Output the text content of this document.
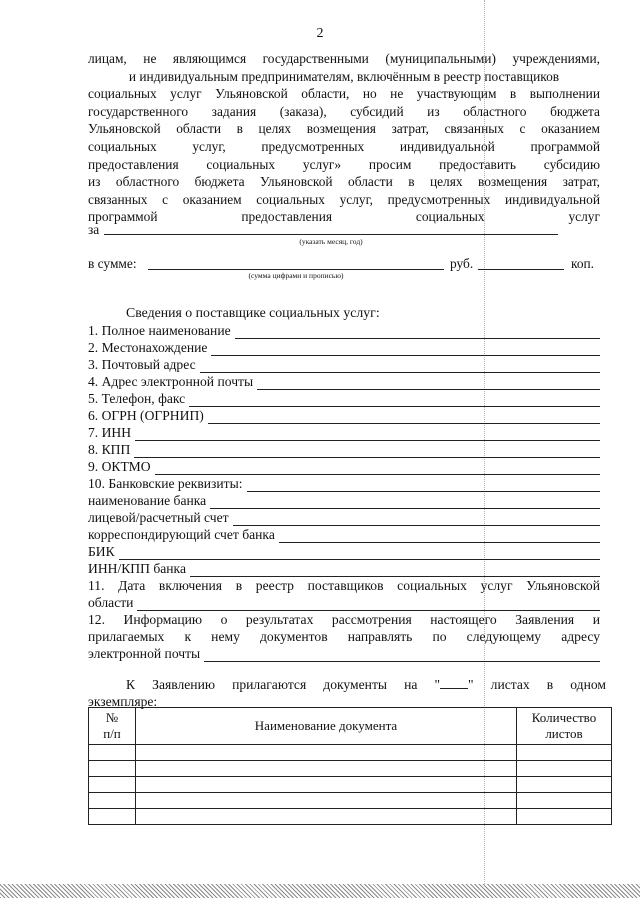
2
лицам, не являющимся государственными (муниципальными) учреждениями,
и индивидуальным предпринимателям, включённым в реестр поставщиков
социальных услуг Ульяновской области, но не участвующим в выполнении
государственного задания (заказа), субсидий из областного бюджета
Ульяновской области в целях возмещения затрат, связанных с оказанием
социальных услуг, предусмотренных индивидуальной программой
предоставления социальных услуг» просим предоставить субсидию
из областного бюджета Ульяновской области в целях возмещения затрат,
связанных с оказанием социальных услуг, предусмотренных индивидуальной
программой предоставления социальных услуг
за
(указать месяц, год)
в сумме:
(сумма цифрами и прописью)
руб.	коп.
Сведения о поставщике социальных услуг:
1. Полное наименование
2. Местонахождение
3. Почтовый адрес
4. Адрес электронной почты
5. Телефон, факс
6. ОГРН (ОГРНИП)
7. ИНН
8. КПП
9. ОКТМО
10. Банковские реквизиты:
наименование банка
лицевой/расчетный счет
корреспондирующий счет банка
БИК
ИНН/КПП банка
11. Дата включения в реестр поставщиков социальных услуг Ульяновской
области
12. Информацию о результатах рассмотрения настоящего Заявления и
прилагаемых к нему документов направлять по следующему адресу
электронной почты
К Заявлению прилагаются документы на " " листах в одном
экземпляре:
№
п/п	Наименование документа	Количество
листов
